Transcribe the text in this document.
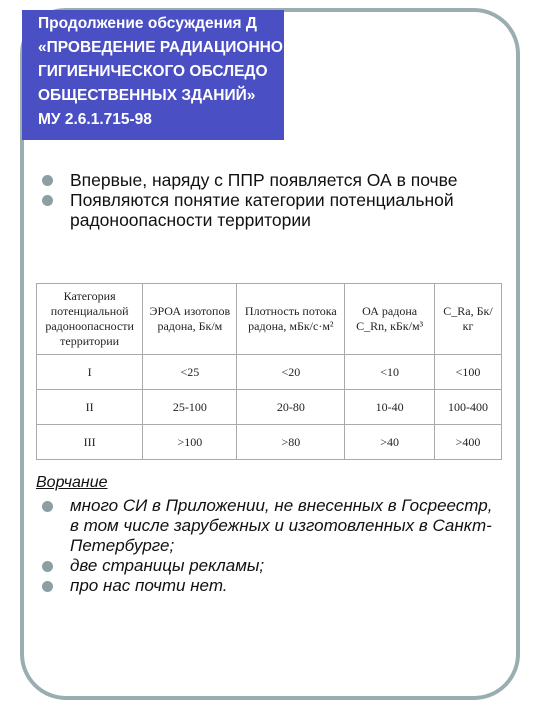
Продолжение обсуждения Д
«ПРОВЕДЕНИЕ РАДИАЦИОННО
ГИГИЕНИЧЕСКОГО ОБСЛЕДО
ОБЩЕСТВЕННЫХ ЗДАНИЙ»
МУ 2.6.1.715-98
Впервые, наряду с ППР появляется ОА в почве
Появляются понятие категории потенциальной радоноопасности территории
Категория потенциальной радоноопасности территории	ЭРОА изотопов радона, Бк/м	Плотность потока радона, мБк/с·м²	ОА радона C_Rn, кБк/м³	C_Ra, Бк/кг
I	<25	<20	<10	<100
II	25-100	20-80	10-40	100-400
III	>100	>80	>40	>400
Ворчание
много СИ в Приложении, не внесенных в Госреестр, в том числе зарубежных и изготовленных в Санкт-Петербурге;
две страницы рекламы;
про нас почти нет.
